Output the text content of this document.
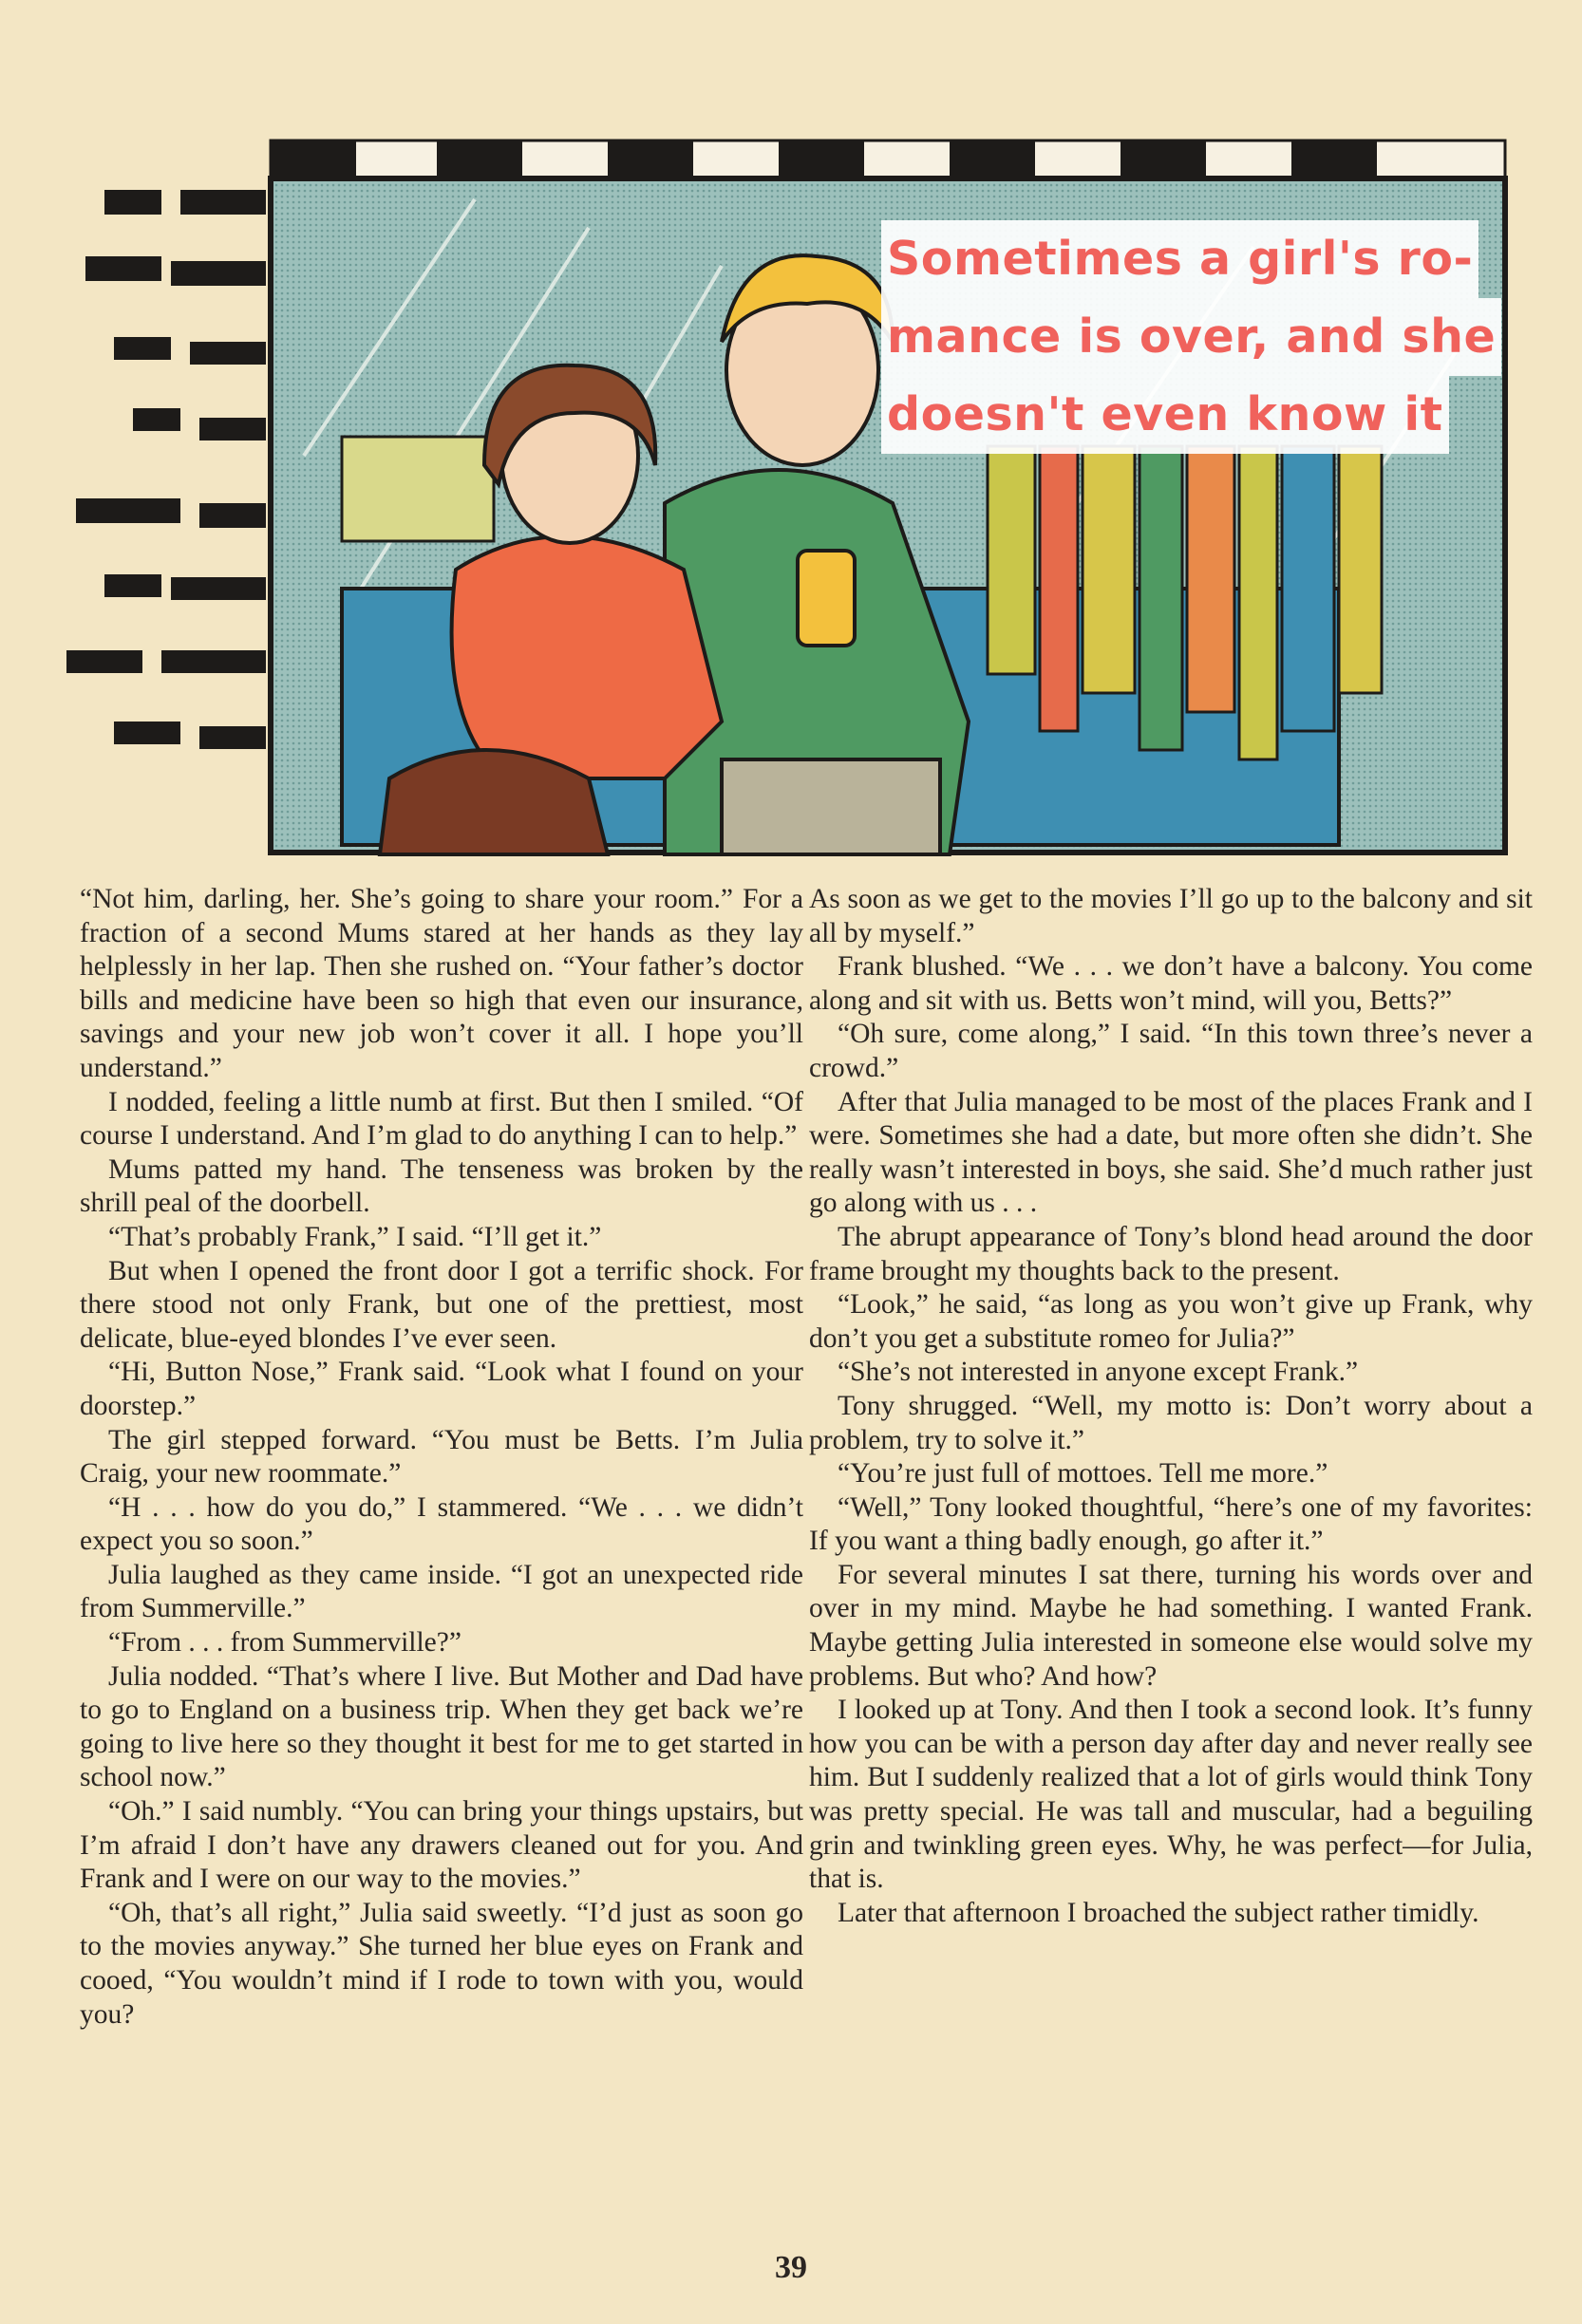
Sometimes a girl's ro-
mance is over, and she
doesn't even know it

“Not him, darling, her. She’s going to share your room.” For a fraction of a second Mums stared at her hands as they lay helplessly in her lap. Then she rushed on. “Your father’s doctor bills and medicine have been so high that even our insurance, savings and your new job won’t cover it all. I hope you’ll understand.”

I nodded, feeling a little numb at first. But then I smiled. “Of course I understand. And I’m glad to do anything I can to help.”

Mums patted my hand. The tenseness was broken by the shrill peal of the doorbell.

“That’s probably Frank,” I said. “I’ll get it.”

But when I opened the front door I got a terrific shock. For there stood not only Frank, but one of the prettiest, most delicate, blue-eyed blondes I’ve ever seen.

“Hi, Button Nose,” Frank said. “Look what I found on your doorstep.”

The girl stepped forward. “You must be Betts. I’m Julia Craig, your new roommate.”

“H . . . how do you do,” I stammered. “We . . . we didn’t expect you so soon.”

Julia laughed as they came inside. “I got an unexpected ride from Summerville.”

“From . . . from Summerville?”

Julia nodded. “That’s where I live. But Mother and Dad have to go to England on a business trip. When they get back we’re going to live here so they thought it best for me to get started in school now.”

“Oh.” I said numbly. “You can bring your things upstairs, but I’m afraid I don’t have any drawers cleaned out for you. And Frank and I were on our way to the movies.”

“Oh, that’s all right,” Julia said sweetly. “I’d just as soon go to the movies anyway.” She turned her blue eyes on Frank and cooed, “You wouldn’t mind if I rode to town with you, would you?

As soon as we get to the movies I’ll go up to the balcony and sit all by myself.”

Frank blushed. “We . . . we don’t have a balcony. You come along and sit with us. Betts won’t mind, will you, Betts?”

“Oh sure, come along,” I said. “In this town three’s never a crowd.”

After that Julia managed to be most of the places Frank and I were. Sometimes she had a date, but more often she didn’t. She really wasn’t interested in boys, she said. She’d much rather just go along with us . . .

The abrupt appearance of Tony’s blond head around the door frame brought my thoughts back to the present.

“Look,” he said, “as long as you won’t give up Frank, why don’t you get a substitute romeo for Julia?”

“She’s not interested in anyone except Frank.”

Tony shrugged. “Well, my motto is: Don’t worry about a problem, try to solve it.”

“You’re just full of mottoes. Tell me more.”

“Well,” Tony looked thoughtful, “here’s one of my favorites: If you want a thing badly enough, go after it.”

For several minutes I sat there, turning his words over and over in my mind. Maybe he had something. I wanted Frank. Maybe getting Julia interested in someone else would solve my problems. But who? And how?

I looked up at Tony. And then I took a second look. It’s funny how you can be with a person day after day and never really see him. But I suddenly realized that a lot of girls would think Tony was pretty special. He was tall and muscular, had a beguiling grin and twinkling green eyes. Why, he was perfect—for Julia, that is.

Later that afternoon I broached the subject rather timidly.

39
